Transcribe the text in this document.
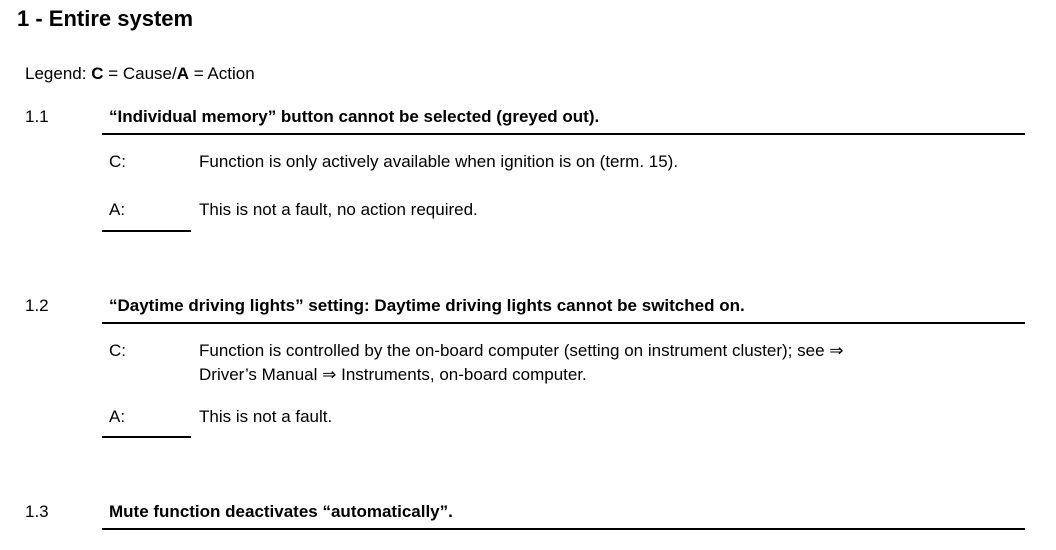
1 - Entire system
Legend: C = Cause/A = Action
1.1	“Individual memory” button cannot be selected (greyed out).
C:	Function is only actively available when ignition is on (term. 15).
A:	This is not a fault, no action required.
1.2	“Daytime driving lights” setting: Daytime driving lights cannot be switched on.
C:	Function is controlled by the on-board computer (setting on instrument cluster); see ⇒
Driver’s Manual ⇒ Instruments, on-board computer.
A:	This is not a fault.
1.3	Mute function deactivates “automatically”.
